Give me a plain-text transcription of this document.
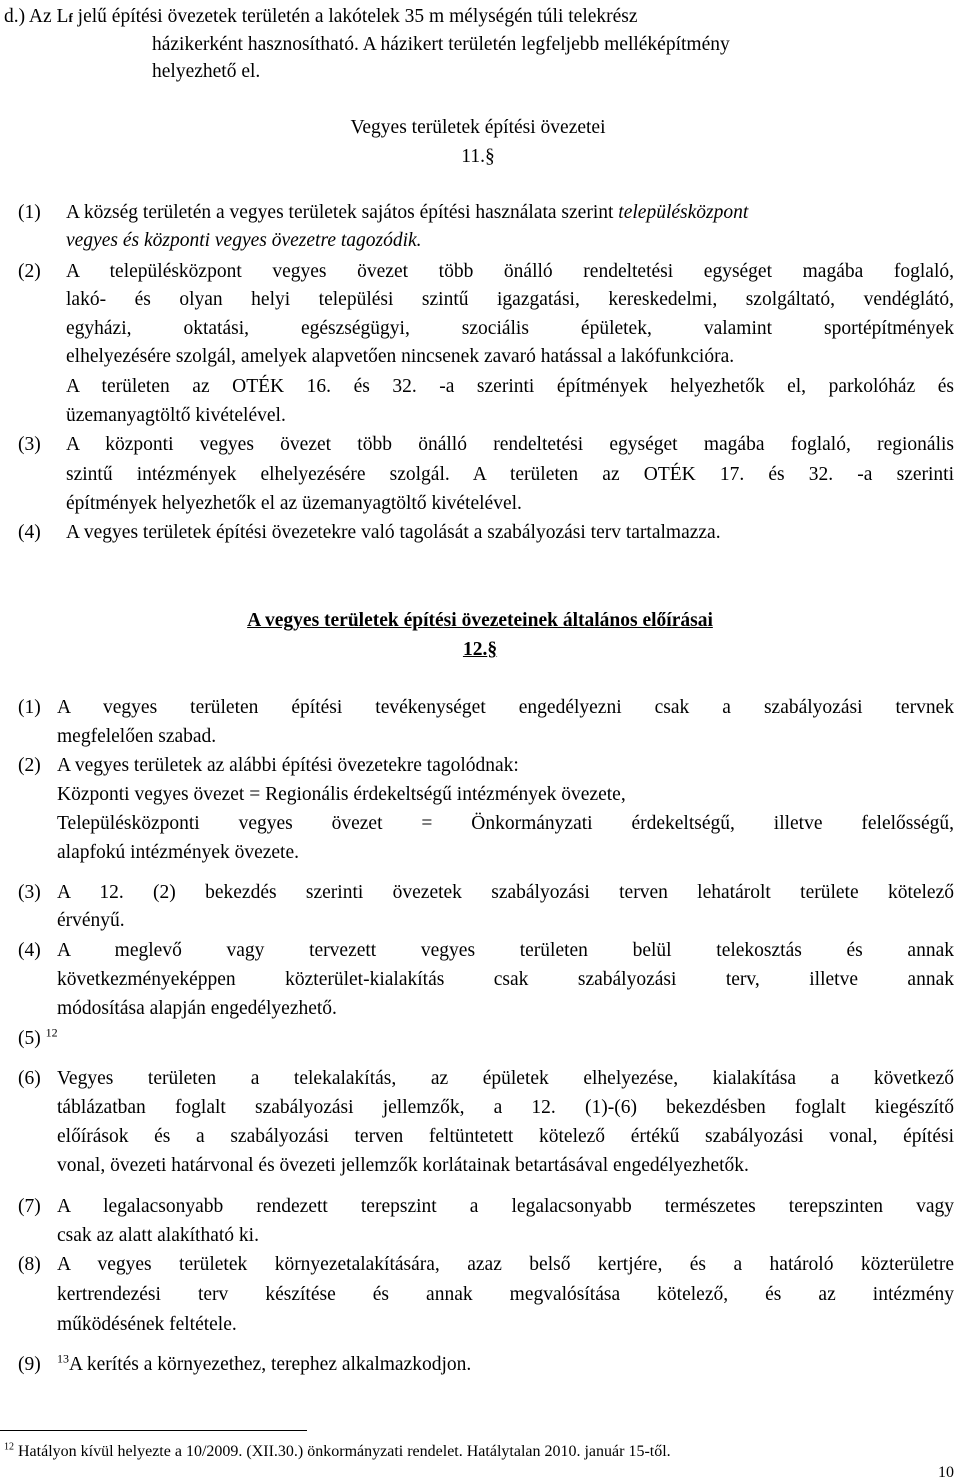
d.) Az Lf jelű építési övezetek területén a lakótelek 35 m mélységén túli telekrész
házikerként hasznosítható. A házikert területén legfeljebb melléképítmény
helyezhető el.
Vegyes területek építési övezetei
11.§
(1) A község területén a vegyes területek sajátos építési használata szerint településközpont
vegyes és központi vegyes övezetre tagozódik.
(2) A településközpont vegyes övezet több önálló rendeltetési egységet magába foglaló,
lakó- és olyan helyi települési szintű igazgatási, kereskedelmi, szolgáltató, vendéglátó,
egyházi, oktatási, egészségügyi, szociális épületek, valamint sportépítmények
elhelyezésére szolgál, amelyek alapvetően nincsenek zavaró hatással a lakófunkcióra.
A területen az OTÉK 16. és 32. -a szerinti építmények helyezhetők el, parkolóház és
üzemanyagtöltő kivételével.
(3) A központi vegyes övezet több önálló rendeltetési egységet magába foglaló, regionális
szintű intézmények elhelyezésére szolgál. A területen az OTÉK 17. és 32. -a szerinti
építmények helyezhetők el az üzemanyagtöltő kivételével.
(4) A vegyes területek építési övezetekre való tagolását a szabályozási terv tartalmazza.
A vegyes területek építési övezeteinek általános előírásai
12.§
(1) A vegyes területen építési tevékenységet engedélyezni csak a szabályozási tervnek
megfelelően szabad.
(2) A vegyes területek az alábbi építési övezetekre tagolódnak:
Központi vegyes övezet = Regionális érdekeltségű intézmények övezete,
Településközponti vegyes övezet = Önkormányzati érdekeltségű, illetve felelősségű,
alapfokú intézmények övezete.
(3) A 12. (2) bekezdés szerinti övezetek szabályozási terven lehatárolt területe kötelező
érvényű.
(4) A meglevő vagy tervezett vegyes területen belül telekosztás és annak
következményeképpen közterület-kialakítás csak szabályozási terv, illetve annak
módosítása alapján engedélyezhető.
(5) $^{12}$
(6) Vegyes területen a telekalakítás, az épületek elhelyezése, kialakítása a következő
táblázatban foglalt szabályozási jellemzők, a 12. (1)-(6) bekezdésben foglalt kiegészítő
előírások és a szabályozási terven feltüntetett kötelező értékű szabályozási vonal, építési
vonal, övezeti határvonal és övezeti jellemzők korlátainak betartásával engedélyezhetők.
(7) A legalacsonyabb rendezett terepszint a legalacsonyabb természetes terepszinten vagy
csak az alatt alakítható ki.
(8) A vegyes területek környezetalakítására, azaz belső kertjére, és a határoló közterületre
kertrendezési terv készítése és annak megvalósítása kötelező, és az intézmény
működésének feltétele.
(9) $^{13}$A kerítés a környezethez, terephez alkalmazkodjon.
$^{12}$ Hatályon kívül helyezte a 10/2009. (XII.30.) önkormányzati rendelet. Hatálytalan 2010. január 15-től.
10
